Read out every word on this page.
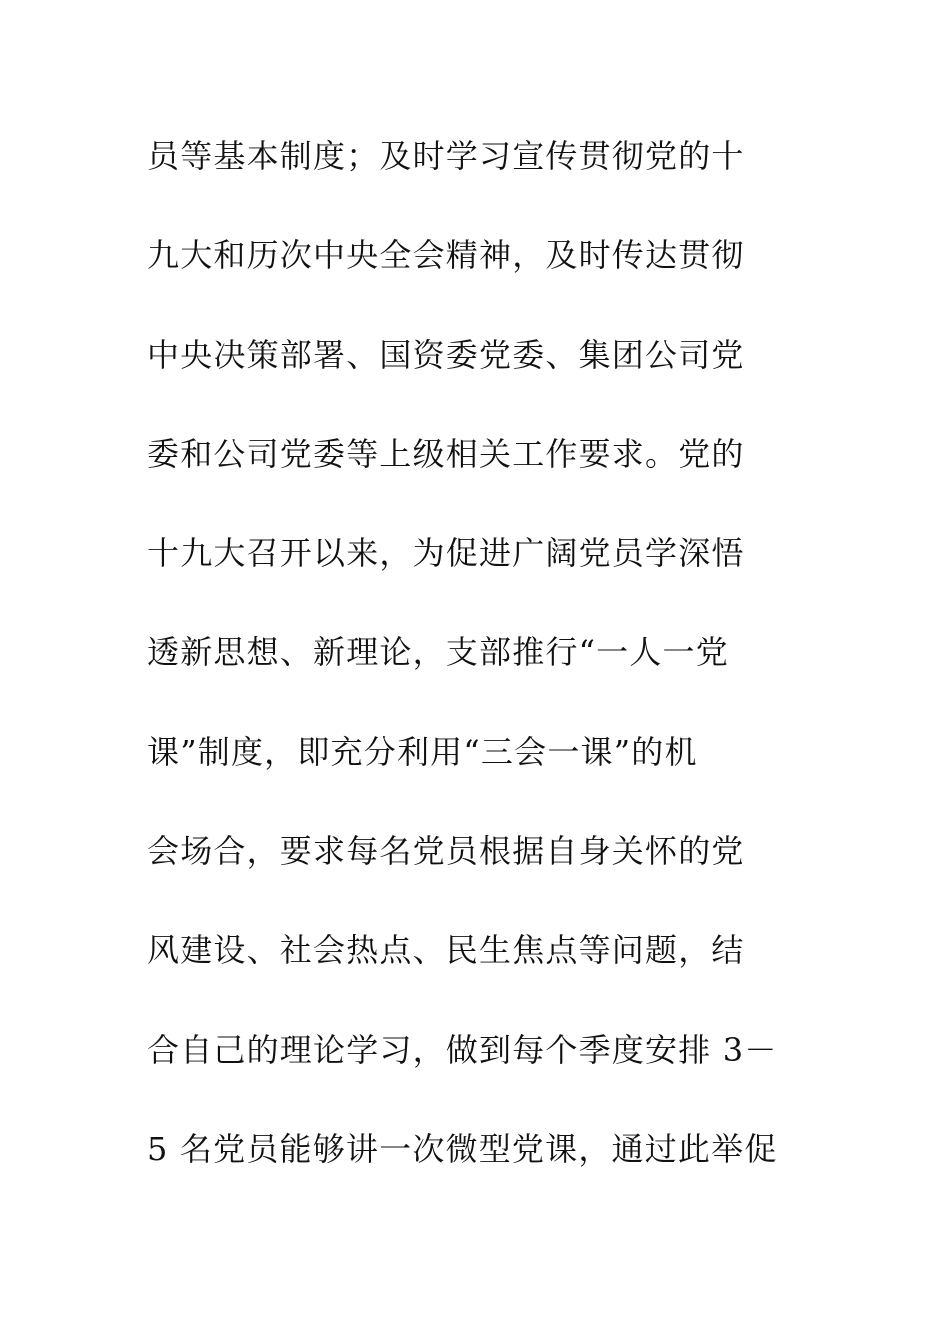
员等基本制度；及时学习宣传贯彻党的十
九大和历次中央全会精神，及时传达贯彻
中央决策部署、国资委党委、集团公司党
委和公司党委等上级相关工作要求。党的
十九大召开以来，为促进广阔党员学深悟
透新思想、新理论，支部推行“一人一党
课”制度，即充分利用“三会一课”的机
会场合，要求每名党员根据自身关怀的党
风建设、社会热点、民生焦点等问题，结
合自己的理论学习，做到每个季度安排 3－
5 名党员能够讲一次微型党课，通过此举促
